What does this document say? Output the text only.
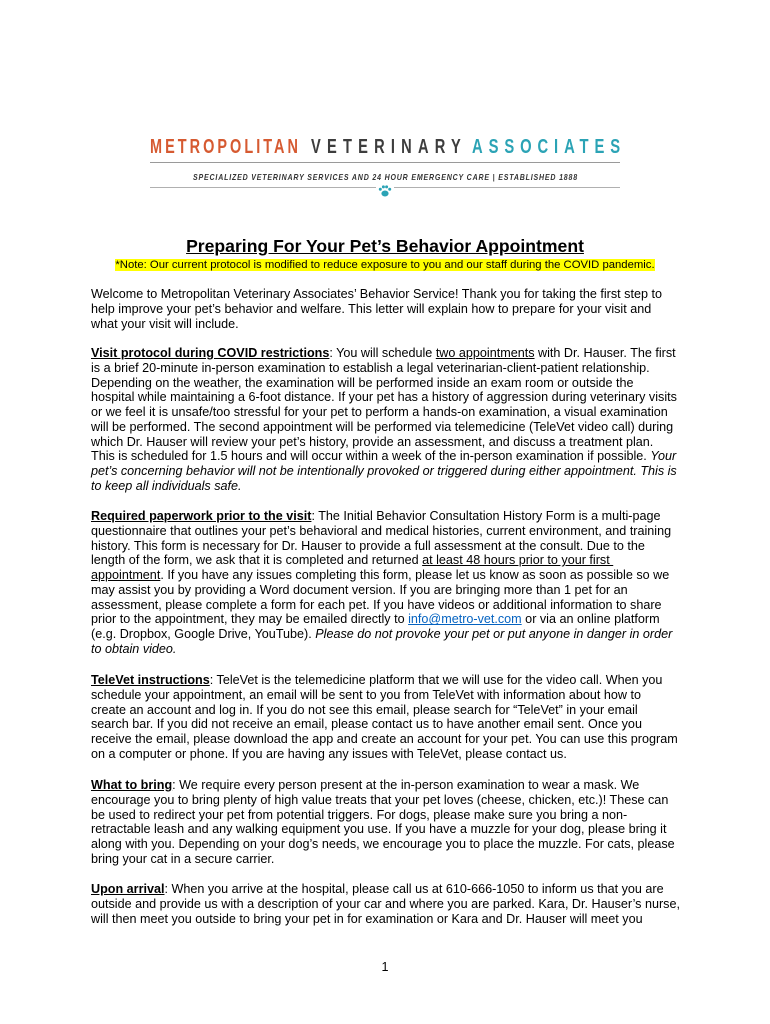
METROPOLITAN VETERINARY ASSOCIATES
SPECIALIZED VETERINARY SERVICES AND 24 HOUR EMERGENCY CARE | ESTABLISHED 1888
Preparing For Your Pet’s Behavior Appointment
*Note: Our current protocol is modified to reduce exposure to you and our staff during the COVID pandemic.
Welcome to Metropolitan Veterinary Associates’ Behavior Service! Thank you for taking the first step to
help improve your pet’s behavior and welfare. This letter will explain how to prepare for your visit and
what your visit will include.
Visit protocol during COVID restrictions: You will schedule two appointments with Dr. Hauser. The first
is a brief 20-minute in-person examination to establish a legal veterinarian-client-patient relationship.
Depending on the weather, the examination will be performed inside an exam room or outside the
hospital while maintaining a 6-foot distance. If your pet has a history of aggression during veterinary visits
or we feel it is unsafe/too stressful for your pet to perform a hands-on examination, a visual examination
will be performed. The second appointment will be performed via telemedicine (TeleVet video call) during
which Dr. Hauser will review your pet’s history, provide an assessment, and discuss a treatment plan.
This is scheduled for 1.5 hours and will occur within a week of the in-person examination if possible. Your
pet’s concerning behavior will not be intentionally provoked or triggered during either appointment. This is
to keep all individuals safe.
Required paperwork prior to the visit: The Initial Behavior Consultation History Form is a multi-page
questionnaire that outlines your pet’s behavioral and medical histories, current environment, and training
history. This form is necessary for Dr. Hauser to provide a full assessment at the consult. Due to the
length of the form, we ask that it is completed and returned at least 48 hours prior to your first
appointment. If you have any issues completing this form, please let us know as soon as possible so we
may assist you by providing a Word document version. If you are bringing more than 1 pet for an
assessment, please complete a form for each pet. If you have videos or additional information to share
prior to the appointment, they may be emailed directly to info@metro-vet.com or via an online platform
(e.g. Dropbox, Google Drive, YouTube). Please do not provoke your pet or put anyone in danger in order
to obtain video.
TeleVet instructions: TeleVet is the telemedicine platform that we will use for the video call. When you
schedule your appointment, an email will be sent to you from TeleVet with information about how to
create an account and log in. If you do not see this email, please search for “TeleVet” in your email
search bar. If you did not receive an email, please contact us to have another email sent. Once you
receive the email, please download the app and create an account for your pet. You can use this program
on a computer or phone. If you are having any issues with TeleVet, please contact us.
What to bring: We require every person present at the in-person examination to wear a mask. We
encourage you to bring plenty of high value treats that your pet loves (cheese, chicken, etc.)! These can
be used to redirect your pet from potential triggers. For dogs, please make sure you bring a non-
retractable leash and any walking equipment you use. If you have a muzzle for your dog, please bring it
along with you. Depending on your dog’s needs, we encourage you to place the muzzle. For cats, please
bring your cat in a secure carrier.
Upon arrival: When you arrive at the hospital, please call us at 610-666-1050 to inform us that you are
outside and provide us with a description of your car and where you are parked. Kara, Dr. Hauser’s nurse,
will then meet you outside to bring your pet in for examination or Kara and Dr. Hauser will meet you
1
